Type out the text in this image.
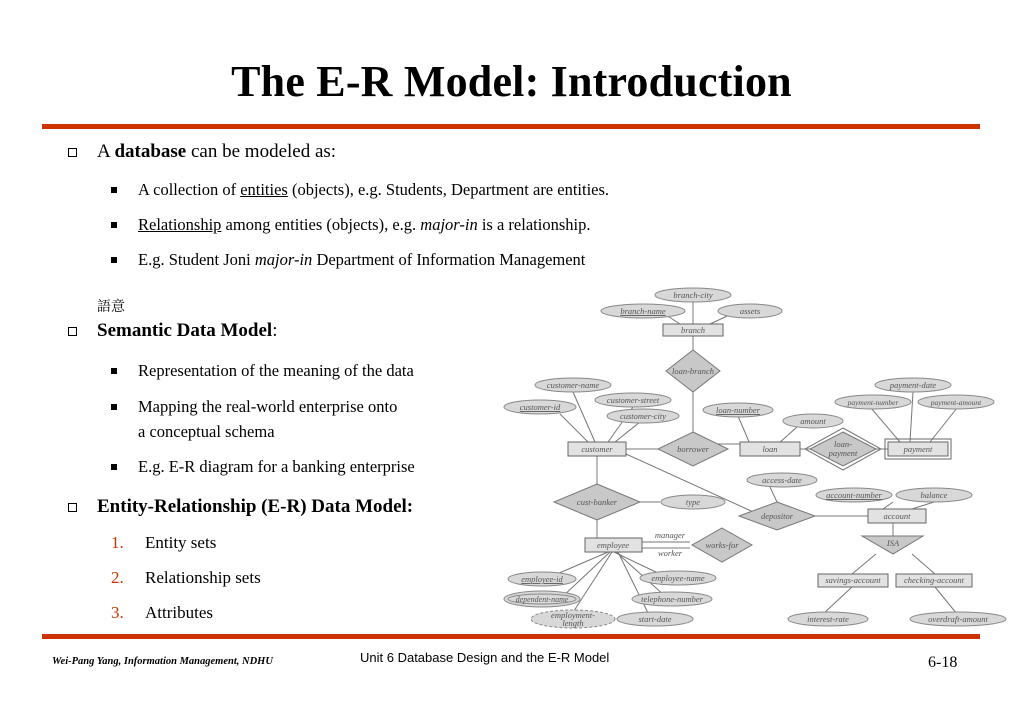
The E-R Model: Introduction
A database can be modeled as:
A collection of entities (objects), e.g. Students, Department are entities.
Relationship among entities (objects), e.g. major-in is a relationship.
E.g. Student Joni major-in Department of Information Management
語意
Semantic Data Model:
Representation of the meaning of the data
Mapping the real-world enterprise onto
a conceptual schema
E.g. E-R diagram for a banking enterprise
Entity-Relationship (E-R) Data Model:
1.	Entity sets
2.	Relationship sets
3.	Attributes
branch-city
branch-name	assets
branch
loan-branch
customer-name
customer-street
customer-id
customer-city
loan-number
amount
payment-date
payment-number	payment-amount
customer	borrower	loan	loan-
payment	payment
access-date
account-number	balance
cust-banker	type
depositor	account
manager
worker
employee	works-for	ISA
employee-id
dependent-name
employee-name
telephone-number
employment-
length	start-date
savings-account	checking-account
interest-rate	overdraft-amount
Wei-Pang Yang, Information Management, NDHU	Unit 6 Database Design and the E-R Model	6-18
